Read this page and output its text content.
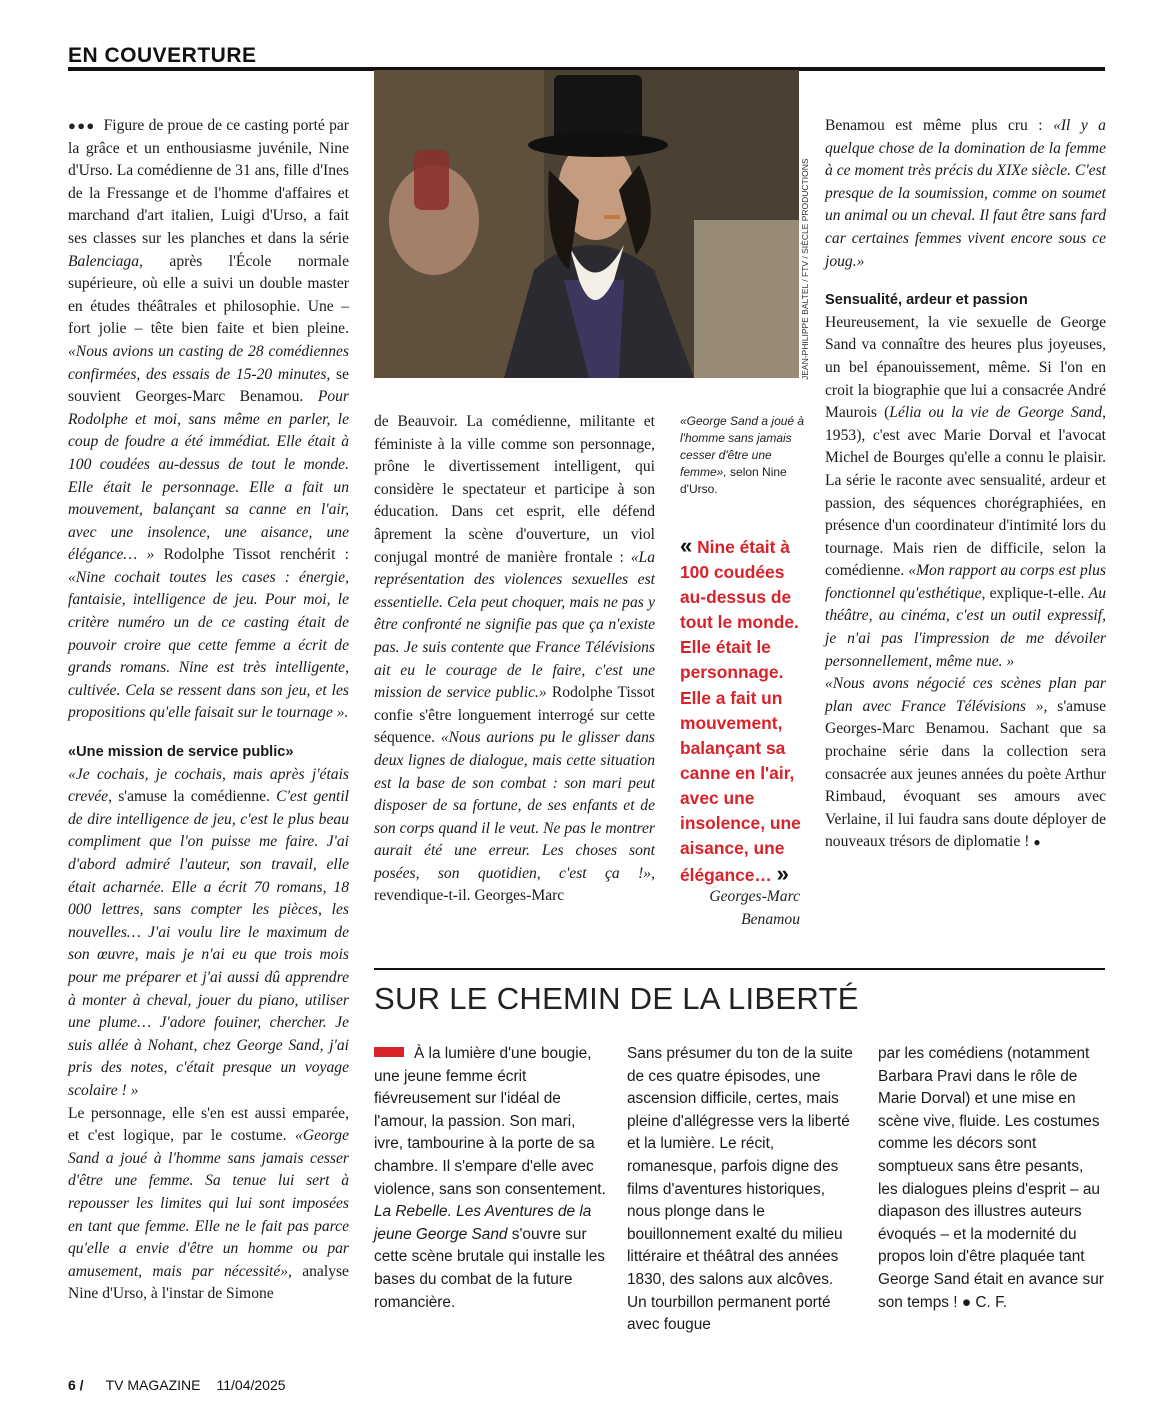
EN COUVERTURE

●●● Figure de proue de ce casting porté par la grâce et un enthousiasme juvénile, Nine d'Urso. La comédienne de 31 ans, fille d'Ines de la Fressange et de l'homme d'affaires et marchand d'art italien, Luigi d'Urso, a fait ses classes sur les planches et dans la série Balenciaga, après l'École normale supérieure, où elle a suivi un double master en études théâtrales et philosophie. Une – fort jolie – tête bien faite et bien pleine. «Nous avions un casting de 28 comédiennes confirmées, des essais de 15-20 minutes, se souvient Georges-Marc Benamou. Pour Rodolphe et moi, sans même en parler, le coup de foudre a été immédiat. Elle était à 100 coudées au-dessus de tout le monde. Elle était le personnage. Elle a fait un mouvement, balançant sa canne en l'air, avec une insolence, une aisance, une élégance… » Rodolphe Tissot renchérit : «Nine cochait toutes les cases : énergie, fantaisie, intelligence de jeu. Pour moi, le critère numéro un de ce casting était de pouvoir croire que cette femme a écrit de grands romans. Nine est très intelligente, cultivée. Cela se ressent dans son jeu, et les propositions qu'elle faisait sur le tournage ».

«Une mission de service public»

«Je cochais, je cochais, mais après j'étais crevée, s'amuse la comédienne. C'est gentil de dire intelligence de jeu, c'est le plus beau compliment que l'on puisse me faire. J'ai d'abord admiré l'auteur, son travail, elle était acharnée. Elle a écrit 70 romans, 18 000 lettres, sans compter les pièces, les nouvelles… J'ai voulu lire le maximum de son œuvre, mais je n'ai eu que trois mois pour me préparer et j'ai aussi dû apprendre à monter à cheval, jouer du piano, utiliser une plume… J'adore fouiner, chercher. Je suis allée à Nohant, chez George Sand, j'ai pris des notes, c'était presque un voyage scolaire ! »

Le personnage, elle s'en est aussi emparée, et c'est logique, par le costume. «George Sand a joué à l'homme sans jamais cesser d'être une femme. Sa tenue lui sert à repousser les limites qui lui sont imposées en tant que femme. Elle ne le fait pas parce qu'elle a envie d'être un homme ou par amusement, mais par nécessité», analyse Nine d'Urso, à l'instar de Simone

JEAN-PHILIPPE BALTEL / FTV / SIÈCLE PRODUCTIONS

de Beauvoir. La comédienne, militante et féministe à la ville comme son personnage, prône le divertissement intelligent, qui considère le spectateur et participe à son éducation. Dans cet esprit, elle défend âprement la scène d'ouverture, un viol conjugal montré de manière frontale : «La représentation des violences sexuelles est essentielle. Cela peut choquer, mais ne pas y être confronté ne signifie pas que ça n'existe pas. Je suis contente que France Télévisions ait eu le courage de le faire, c'est une mission de service public.» Rodolphe Tissot confie s'être longuement interrogé sur cette séquence. «Nous aurions pu le glisser dans deux lignes de dialogue, mais cette situation est la base de son combat : son mari peut disposer de sa fortune, de ses enfants et de son corps quand il le veut. Ne pas le montrer aurait été une erreur. Les choses sont posées, son quotidien, c'est ça !», revendique-t-il. Georges-Marc

«George Sand a joué à l'homme sans jamais cesser d'être une femme», selon Nine d'Urso.
« Nine était à 100 coudées au-dessus de tout le monde. Elle était le personnage. Elle a fait un mouvement, balançant sa canne en l'air, avec une insolence, une aisance, une élégance… »
Georges-Marc Benamou

Benamou est même plus cru : «Il y a quelque chose de la domination de la femme à ce moment très précis du XIXe siècle. C'est presque de la soumission, comme on soumet un animal ou un cheval. Il faut être sans fard car certaines femmes vivent encore sous ce joug.»

Sensualité, ardeur et passion

Heureusement, la vie sexuelle de George Sand va connaître des heures plus joyeuses, un bel épanouissement, même. Si l'on en croit la biographie que lui a consacrée André Maurois (Lélia ou la vie de George Sand, 1953), c'est avec Marie Dorval et l'avocat Michel de Bourges qu'elle a connu le plaisir. La série le raconte avec sensualité, ardeur et passion, des séquences chorégraphiées, en présence d'un coordinateur d'intimité lors du tournage. Mais rien de difficile, selon la comédienne. «Mon rapport au corps est plus fonctionnel qu'esthétique, explique-t-elle. Au théâtre, au cinéma, c'est un outil expressif, je n'ai pas l'impression de me dévoiler personnellement, même nue. »

«Nous avons négocié ces scènes plan par plan avec France Télévisions », s'amuse Georges-Marc Benamou. Sachant que sa prochaine série dans la collection sera consacrée aux jeunes années du poète Arthur Rimbaud, évoquant ses amours avec Verlaine, il lui faudra sans doute déployer de nouveaux trésors de diplomatie ! ●

SUR LE CHEMIN DE LA LIBERTÉ

À la lumière d'une bougie, une jeune femme écrit fiévreusement sur l'idéal de l'amour, la passion. Son mari, ivre, tambourine à la porte de sa chambre. Il s'empare d'elle avec violence, sans son consentement. La Rebelle. Les Aventures de la jeune George Sand s'ouvre sur cette scène brutale qui installe les bases du combat de la future romancière.

Sans présumer du ton de la suite de ces quatre épisodes, une ascension difficile, certes, mais pleine d'allégresse vers la liberté et la lumière. Le récit, romanesque, parfois digne des films d'aventures historiques, nous plonge dans le bouillonnement exalté du milieu littéraire et théâtral des années 1830, des salons aux alcôves. Un tourbillon permanent porté avec fougue

par les comédiens (notamment Barbara Pravi dans le rôle de Marie Dorval) et une mise en scène vive, fluide. Les costumes comme les décors sont somptueux sans être pesants, les dialogues pleins d'esprit – au diapason des illustres auteurs évoqués – et la modernité du propos loin d'être plaquée tant George Sand était en avance sur son temps ! ● C. F.

6 / TV MAGAZINE 11/04/2025
